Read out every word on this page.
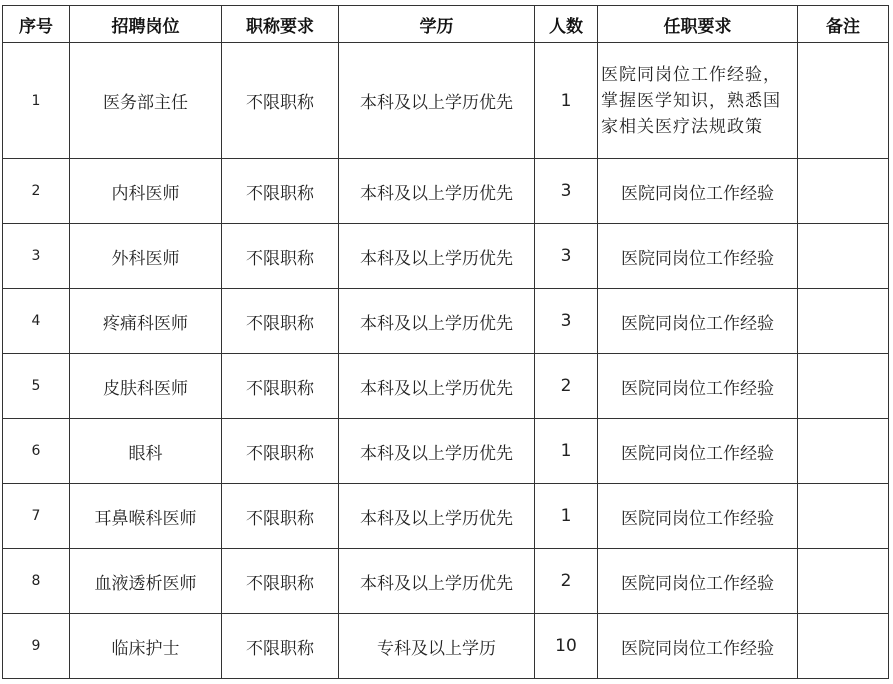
序号	招聘岗位	职称要求	学历	人数	任职要求	备注
1	医务部主任	不限职称	本科及以上学历优先	1	医院同岗位工作经验，掌握医学知识，熟悉国家相关医疗法规政策	
2	内科医师	不限职称	本科及以上学历优先	3	医院同岗位工作经验	
3	外科医师	不限职称	本科及以上学历优先	3	医院同岗位工作经验	
4	疼痛科医师	不限职称	本科及以上学历优先	3	医院同岗位工作经验	
5	皮肤科医师	不限职称	本科及以上学历优先	2	医院同岗位工作经验	
6	眼科	不限职称	本科及以上学历优先	1	医院同岗位工作经验	
7	耳鼻喉科医师	不限职称	本科及以上学历优先	1	医院同岗位工作经验	
8	血液透析医师	不限职称	本科及以上学历优先	2	医院同岗位工作经验	
9	临床护士	不限职称	专科及以上学历	10	医院同岗位工作经验	
